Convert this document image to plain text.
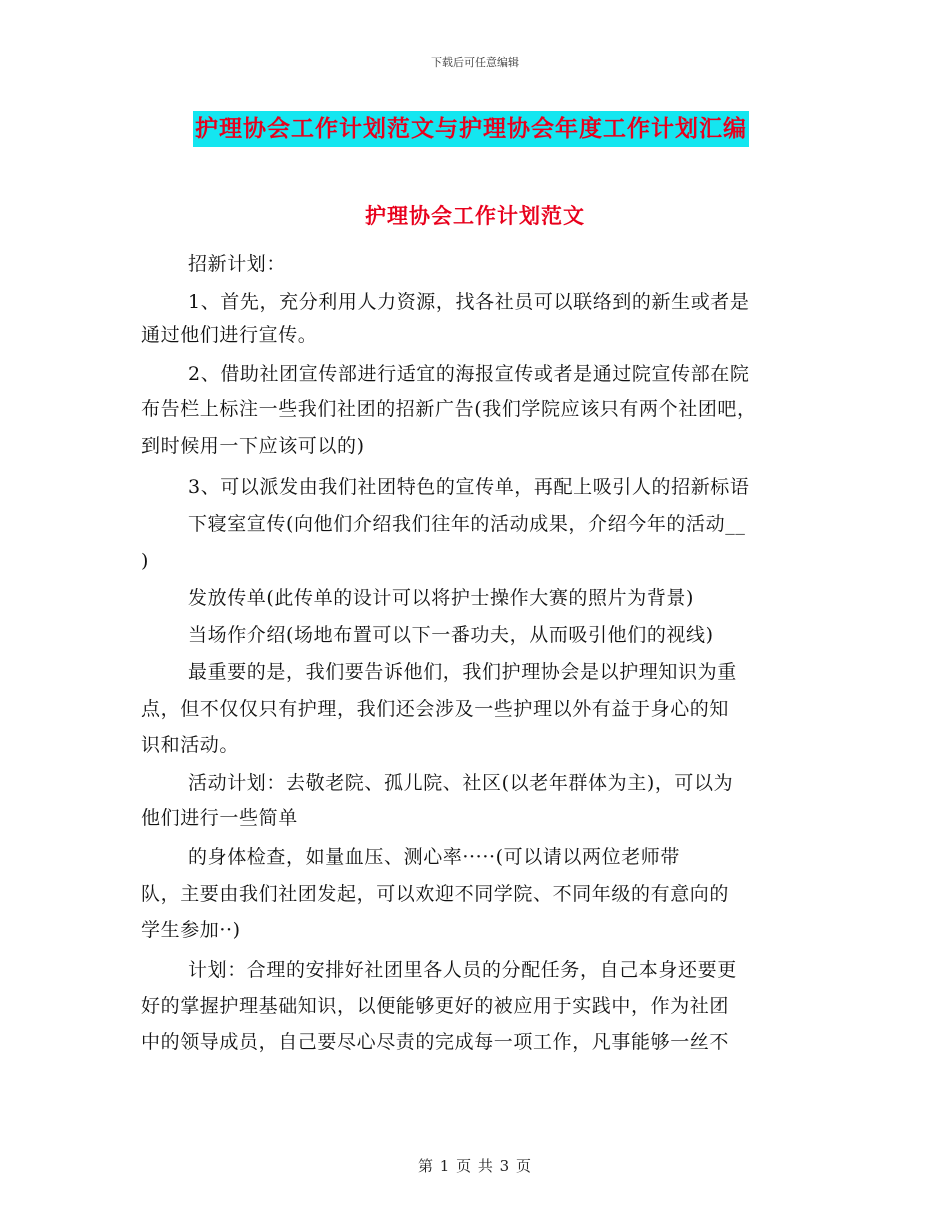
下载后可任意编辑
护理协会工作计划范文与护理协会年度工作计划汇编
护理协会工作计划范文
招新计划：
1、首先，充分利用人力资源，找各社员可以联络到的新生或者是
通过他们进行宣传。
2、借助社团宣传部进行适宜的海报宣传或者是通过院宣传部在院
布告栏上标注一些我们社团的招新广告(我们学院应该只有两个社团吧，
到时候用一下应该可以的)
3、可以派发由我们社团特色的宣传单，再配上吸引人的招新标语
下寝室宣传(向他们介绍我们往年的活动成果，介绍今年的活动__
)
发放传单(此传单的设计可以将护士操作大赛的照片为背景)
当场作介绍(场地布置可以下一番功夫，从而吸引他们的视线)
最重要的是，我们要告诉他们，我们护理协会是以护理知识为重
点，但不仅仅只有护理，我们还会涉及一些护理以外有益于身心的知
识和活动。
活动计划：去敬老院、孤儿院、社区(以老年群体为主)，可以为
他们进行一些简单
的身体检查，如量血压、测心率·····(可以请以两位老师带
队，主要由我们社团发起，可以欢迎不同学院、不同年级的有意向的
学生参加··)
计划：合理的安排好社团里各人员的分配任务，自己本身还要更
好的掌握护理基础知识，以便能够更好的被应用于实践中，作为社团
中的领导成员，自己要尽心尽责的完成每一项工作，凡事能够一丝不
第 1 页 共 3 页
